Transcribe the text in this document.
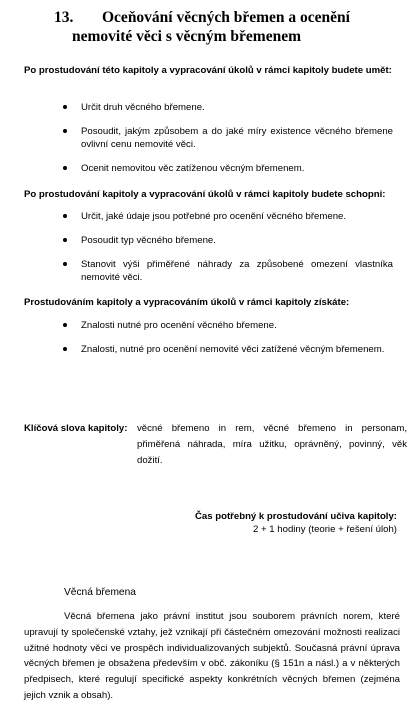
13. Oceňování věcných břemen a ocenění
nemovité věci s věcným břemenem
Po prostudování této kapitoly a vypracování úkolů v rámci kapitoly budete umět:
Určit druh věcného břemene.
Posoudit, jakým způsobem a do jaké míry existence věcného břemene ovlivní cenu nemovité věci.
Ocenit nemovitou věc zatíženou věcným břemenem.
Po prostudování kapitoly a vypracování úkolů v rámci kapitoly budete schopni:
Určit, jaké údaje jsou potřebné pro ocenění věcného břemene.
Posoudit typ věcného břemene.
Stanovit výši přiměřené náhrady za způsobené omezení vlastníka nemovité věci.
Prostudováním kapitoly a vypracováním úkolů v rámci kapitoly získáte:
Znalosti nutné pro ocenění věcného břemene.
Znalosti, nutné pro ocenění nemovité věci zatížené věcným břemenem.
Klíčová slova kapitoly: věcné břemeno in rem, věcné břemeno in personam, přiměřená náhrada, míra užitku, oprávněný, povinný, věk dožití.
Čas potřebný k prostudování učiva kapitoly:
2 + 1 hodiny (teorie + řešení úloh)
Věcná břemena
Věcná břemena jako právní institut jsou souborem právních norem, které upravují ty společenské vztahy, jež vznikají při částečném omezování možnosti realizaci užitné hodnoty věci ve prospěch individualizovaných subjektů. Současná právní úprava věcných břemen je obsažena především v obč. zákoníku (§ 151n a násl.) a v některých předpisech, které regulují specifické aspekty konkrétních věcných břemen (zejména jejich vznik a obsah).
